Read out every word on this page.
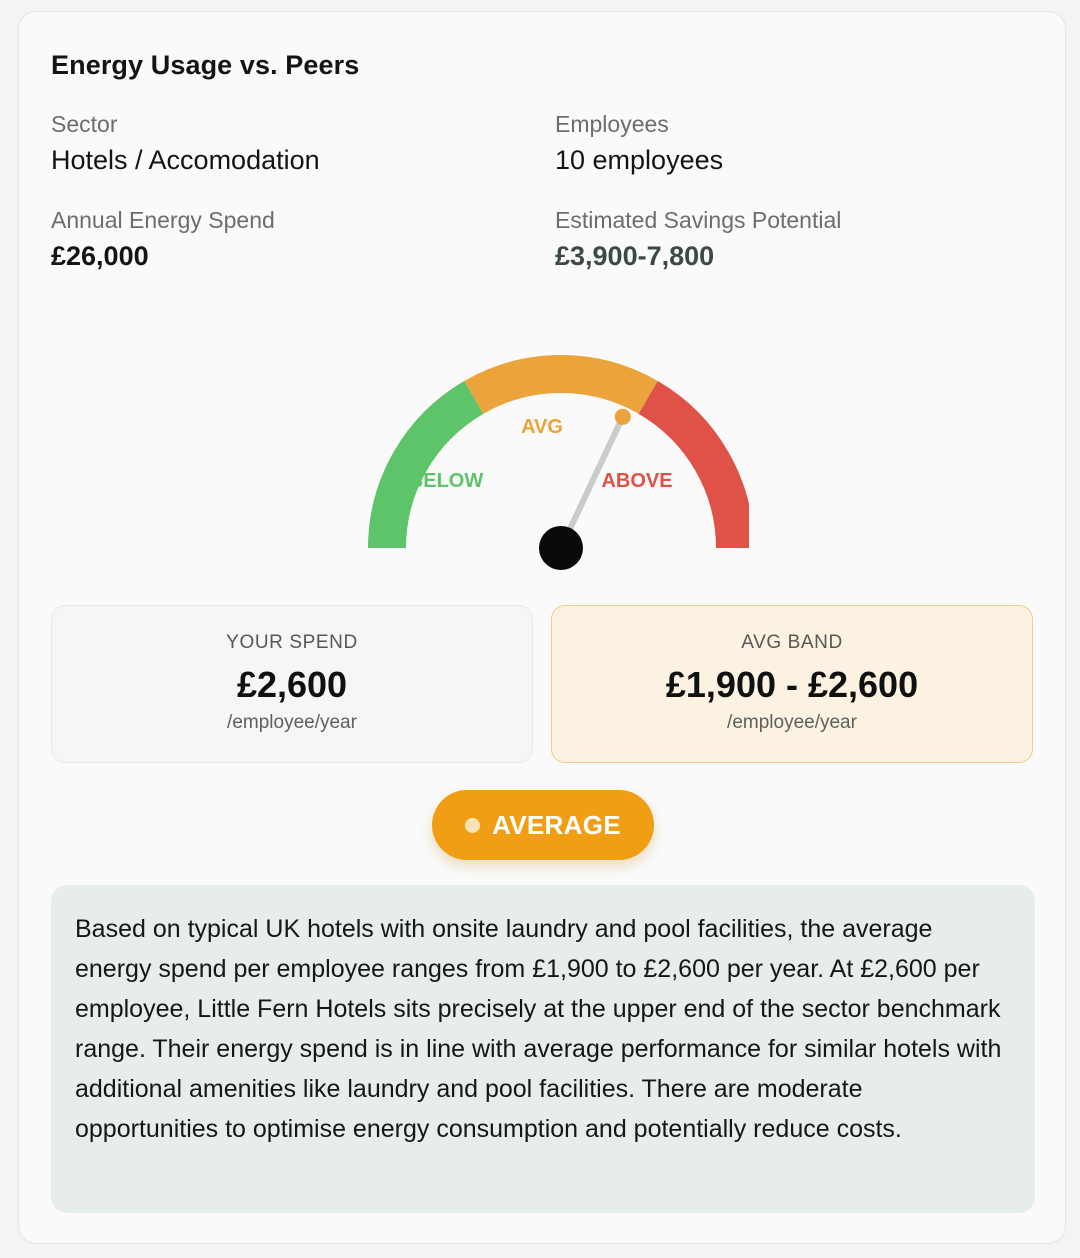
Energy Usage vs. Peers
Sector
Hotels / Accomodation
Employees
10 employees
Annual Energy Spend
£26,000
Estimated Savings Potential
£3,900-7,800
BELOW
AVG
ABOVE
YOUR SPEND
£2,600
/employee/year
AVG BAND
£1,900 - £2,600
/employee/year
AVERAGE
Based on typical UK hotels with onsite laundry and pool facilities, the average energy spend per employee ranges from £1,900 to £2,600 per year. At £2,600 per employee, Little Fern Hotels sits precisely at the upper end of the sector benchmark range. Their energy spend is in line with average performance for similar hotels with additional amenities like laundry and pool facilities. There are moderate opportunities to optimise energy consumption and potentially reduce costs.
